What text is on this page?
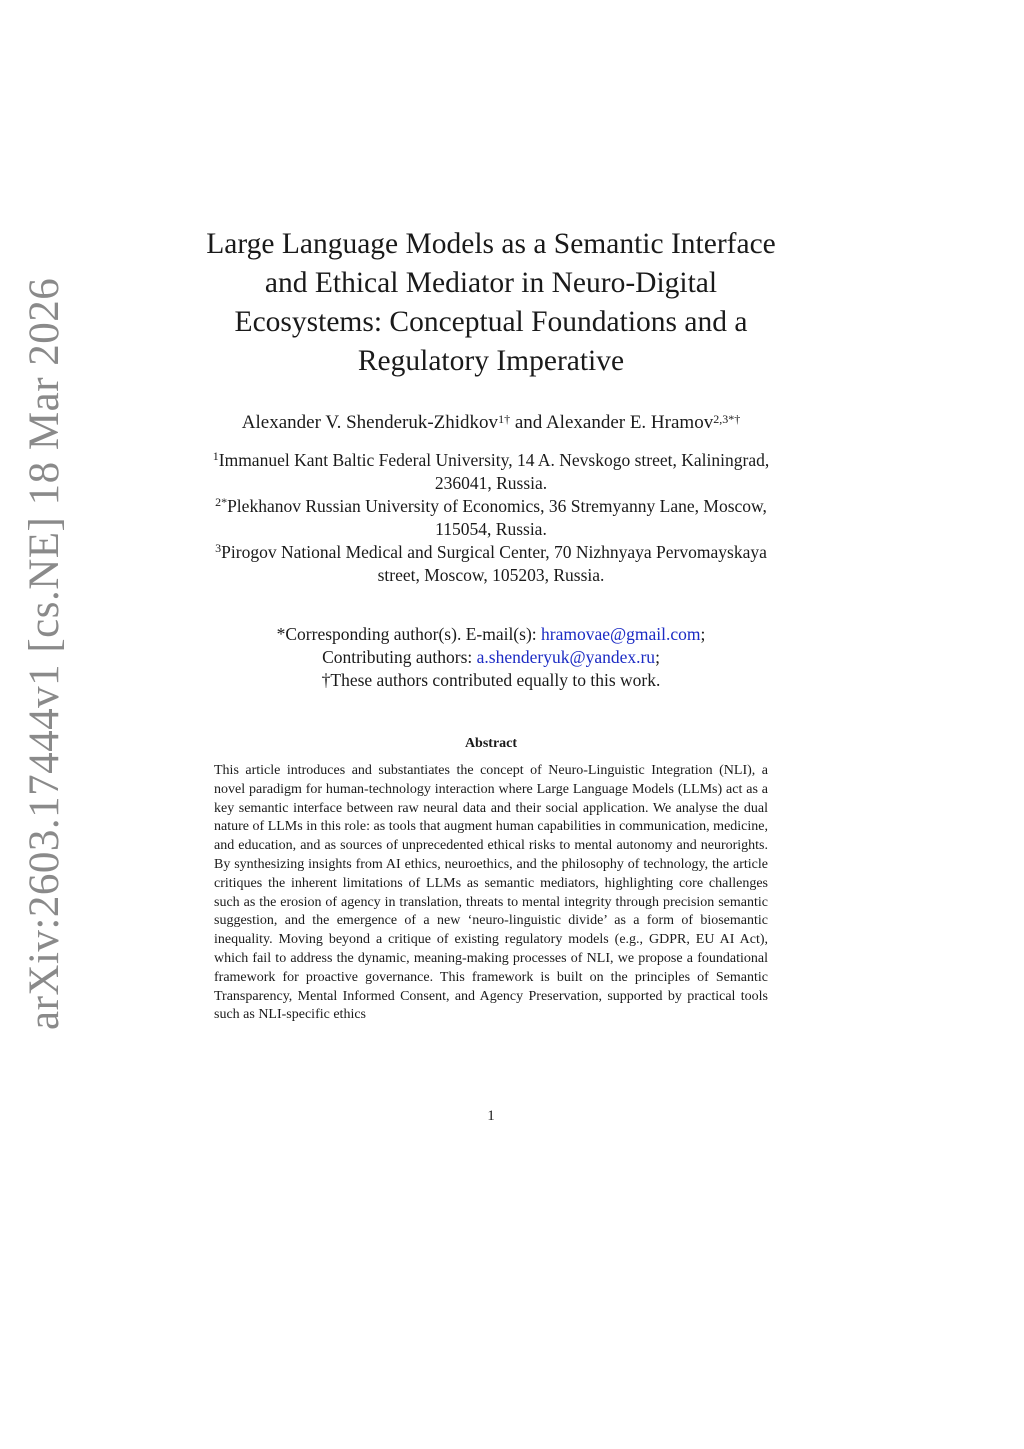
arXiv:2603.17444v1 [cs.NE] 18 Mar 2026
Large Language Models as a Semantic Interface and Ethical Mediator in Neuro-Digital Ecosystems: Conceptual Foundations and a Regulatory Imperative
Alexander V. Shenderuk-Zhidkov$^{1\dagger}$ and Alexander E. Hramov$^{2,3*\dagger}$

$^1$Immanuel Kant Baltic Federal University, 14 A. Nevskogo street, Kaliningrad, 236041, Russia.

$^{2*}$Plekhanov Russian University of Economics, 36 Stremyanny Lane, Moscow, 115054, Russia.

$^3$Pirogov National Medical and Surgical Center, 70 Nizhnyaya Pervomayskaya street, Moscow, 105203, Russia.

*Corresponding author(s). E-mail(s): hramovae@gmail.com;
Contributing authors: a.shenderyuk@yandex.ru;
†These authors contributed equally to this work.
Abstract
This article introduces and substantiates the concept of Neuro-Linguistic Integration (NLI), a novel paradigm for human-technology interaction where Large Language Models (LLMs) act as a key semantic interface between raw neural data and their social application. We analyse the dual nature of LLMs in this role: as tools that augment human capabilities in communication, medicine, and education, and as sources of unprecedented ethical risks to mental autonomy and neurorights. By synthesizing insights from AI ethics, neuroethics, and the philosophy of technology, the article critiques the inherent limitations of LLMs as semantic mediators, highlighting core challenges such as the erosion of agency in translation, threats to mental integrity through precision semantic suggestion, and the emergence of a new ‘neuro-linguistic divide’ as a form of biosemantic inequality. Moving beyond a critique of existing regulatory models (e.g., GDPR, EU AI Act), which fail to address the dynamic, meaning-making processes of NLI, we propose a foundational framework for proactive governance. This framework is built on the principles of Semantic Transparency, Mental Informed Consent, and Agency Preservation, supported by practical tools such as NLI-specific ethics
1
